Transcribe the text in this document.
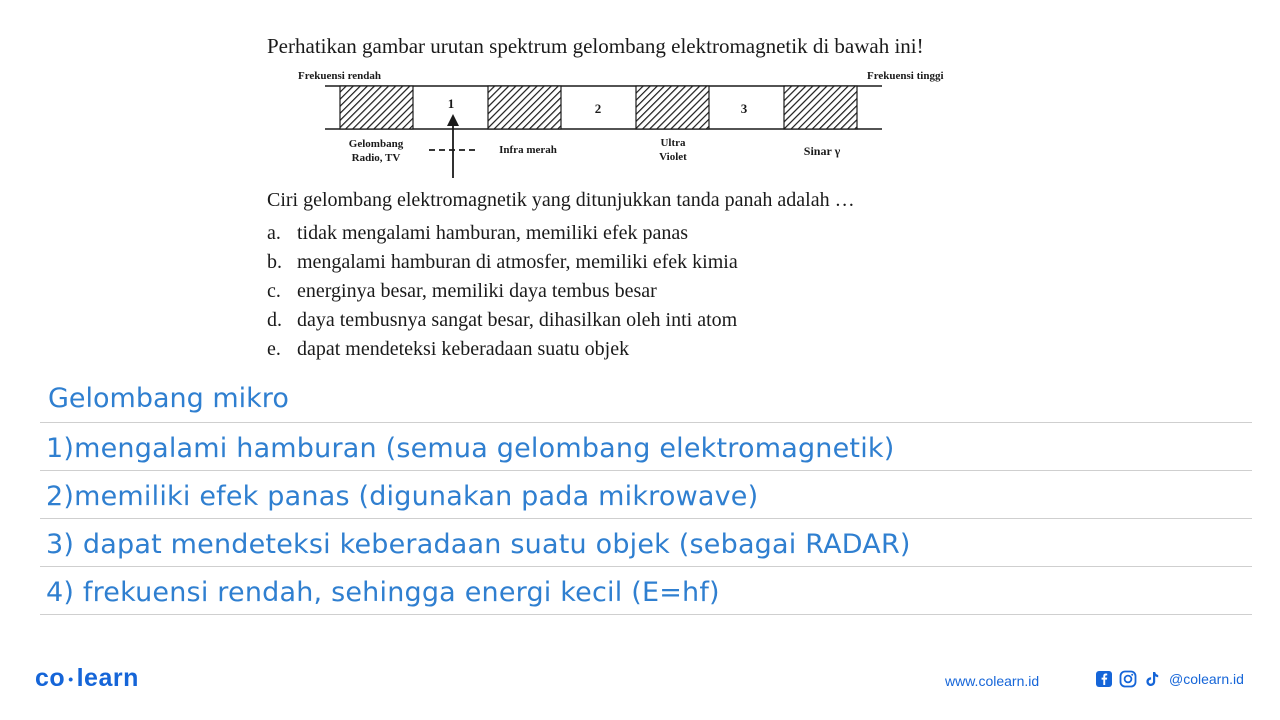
Perhatikan gambar urutan spektrum gelombang elektromagnetik di bawah ini!
Frekuensi rendah	Frekuensi tinggi
1	2	3
Gelombang
Radio, TV
Infra merah
Ultra
Violet	Sinar γ
Ciri gelombang elektromagnetik yang ditunjukkan tanda panah adalah …
a. tidak mengalami hamburan, memiliki efek panas
b. mengalami hamburan di atmosfer, memiliki efek kimia
c. energinya besar, memiliki daya tembus besar
d. daya tembusnya sangat besar, dihasilkan oleh inti atom
e. dapat mendeteksi keberadaan suatu objek
Gelombang mikro
1)mengalami hamburan (semua gelombang elektromagnetik)
2)memiliki efek panas (digunakan pada mikrowave)
3) dapat mendeteksi keberadaan suatu objek (sebagai RADAR)
4) frekuensi rendah, sehingga energi kecil (E=hf)
co • learn	www.colearn.id	@colearn.id
